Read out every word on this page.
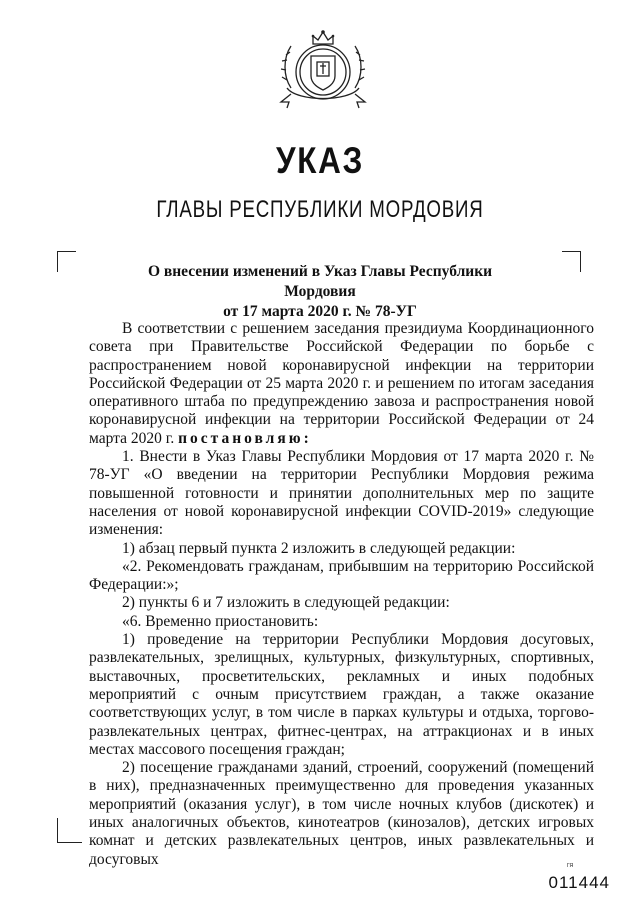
УКАЗ
ГЛАВЫ РЕСПУБЛИКИ МОРДОВИЯ
О внесении изменений в Указ Главы Республики Мордовия
от 17 марта 2020 г. № 78-УГ

В соответствии с решением заседания президиума Координационного совета при Правительстве Российской Федерации по борьбе с распространением новой коронавирусной инфекции на территории Российской Федерации от 25 марта 2020 г. и решением по итогам заседания оперативного штаба по предупреждению завоза и распространения новой коронавирусной инфекции на территории Российской Федерации от 24 марта 2020 г. постановляю:

1. Внести в Указ Главы Республики Мордовия от 17 марта 2020 г. № 78-УГ «О введении на территории Республики Мордовия режима повышенной готовности и принятии дополнительных мер по защите населения от новой коронавирусной инфекции COVID-2019» следующие изменения:

1) абзац первый пункта 2 изложить в следующей редакции:

«2. Рекомендовать гражданам, прибывшим на территорию Российской Федерации:»;

2) пункты 6 и 7 изложить в следующей редакции:

«6. Временно приостановить:

1) проведение на территории Республики Мордовия досуговых, развлекательных, зрелищных, культурных, физкультурных, спортивных, выставочных, просветительских, рекламных и иных подобных мероприятий с очным присутствием граждан, а также оказание соответствующих услуг, в том числе в парках культуры и отдыха, торгово-развлекательных центрах, фитнес-центрах, на аттракционах и в иных местах массового посещения граждан;

2) посещение гражданами зданий, строений, сооружений (помещений в них), предназначенных преимущественно для проведения указанных мероприятий (оказания услуг), в том числе ночных клубов (дискотек) и иных аналогичных объектов, кинотеатров (кинозалов), детских игровых комнат и детских развлекательных центров, иных развлекательных и досуговых	ГЯ
011444
